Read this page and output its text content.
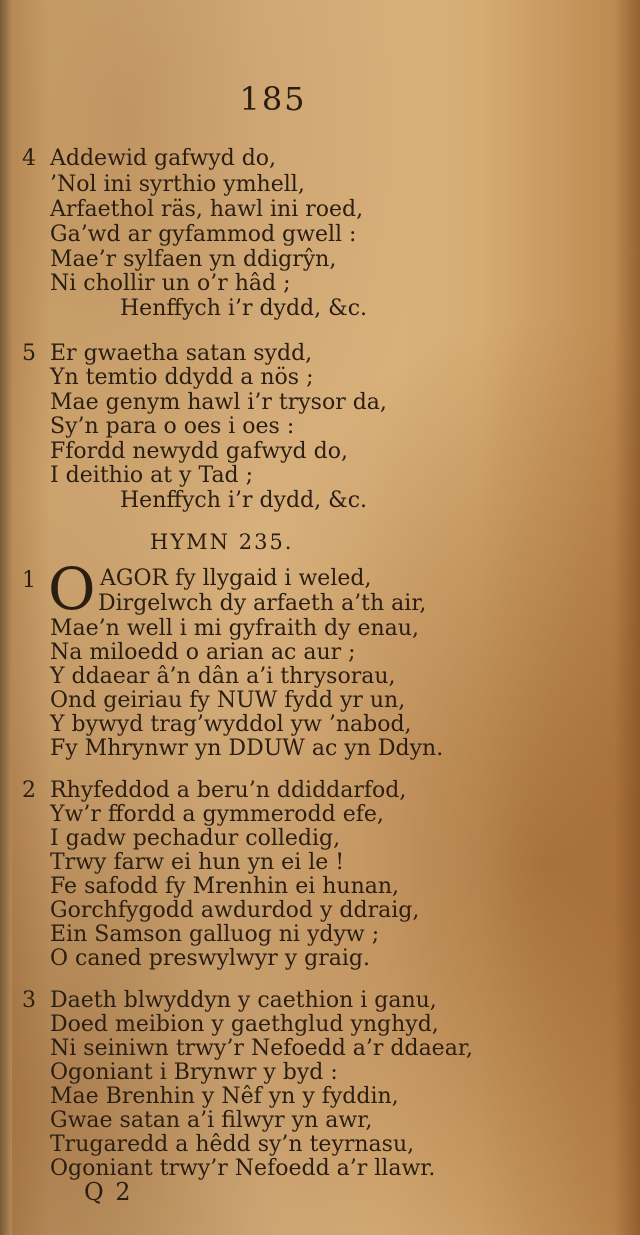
185
4 Addewid gafwyd do,
’Nol ini syrthio ymhell,
Arfaethol räs, hawl ini roed,
Ga’wd ar gyfammod gwell :
Mae’r sylfaen yn ddigrŷn,
Ni chollir un o’r hâd ;
Henffych i’r dydd, &c.
5 Er gwaetha satan sydd,
Yn temtio ddydd a nös ;
Mae genym hawl i’r trysor da,
Sy’n para o oes i oes :
Ffordd newydd gafwyd do,
I deithio at y Tad ;
Henffych i’r dydd, &c.
HYMN 235.
1 O AGOR fy llygaid i weled,
Dirgelwch dy arfaeth a’th air,
Mae’n well i mi gyfraith dy enau,
Na miloedd o arian ac aur ;
Y ddaear â’n dân a’i thrysorau,
Ond geiriau fy NUW fydd yr un,
Y bywyd trag’wyddol yw ’nabod,
Fy Mhrynwr yn DDUW ac yn Ddyn.
2 Rhyfeddod a beru’n ddiddarfod,
Yw’r ffordd a gymmerodd efe,
I gadw pechadur colledig,
Trwy farw ei hun yn ei le !
Fe safodd fy Mrenhin ei hunan,
Gorchfygodd awdurdod y ddraig,
Ein Samson galluog ni ydyw ;
O caned preswylwyr y graig.
3 Daeth blwyddyn y caethion i ganu,
Doed meibion y gaethglud ynghyd,
Ni seiniwn trwy’r Nefoedd a’r ddaear,
Ogoniant i Brynwr y byd :
Mae Brenhin y Nêf yn y fyddin,
Gwae satan a’i filwyr yn awr,
Trugaredd a hêdd sy’n teyrnasu,
Ogoniant trwy’r Nefoedd a’r llawr.
Q 2
